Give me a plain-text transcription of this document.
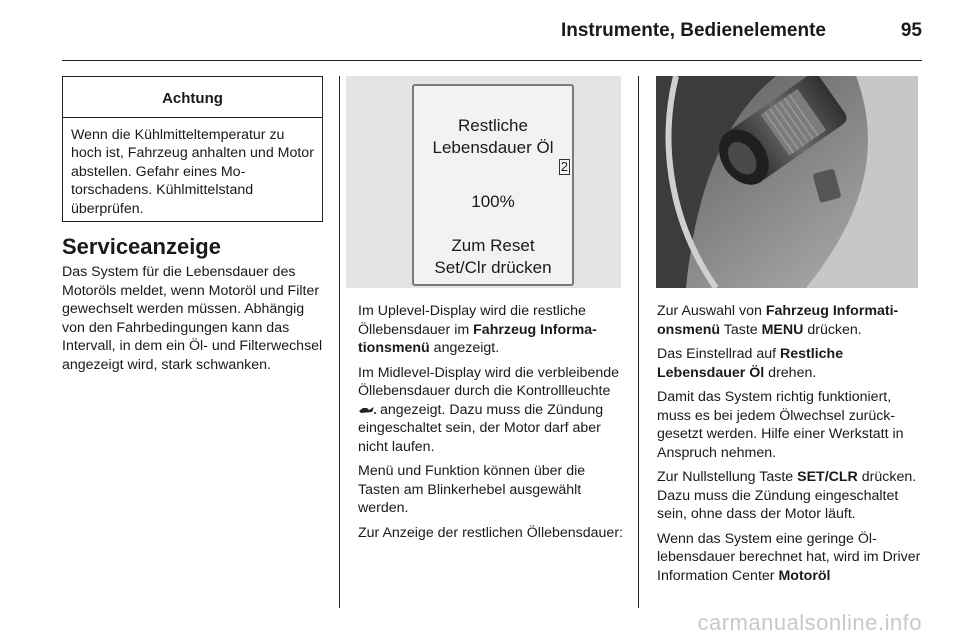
Instrumente, Bedienelemente	95
Achtung
Wenn die Kühlmitteltemperatur zu hoch ist, Fahrzeug anhalten und Motor abstellen. Gefahr eines Motorschadens. Kühlmittelstand überprüfen.
Serviceanzeige

Das System für die Lebensdauer des Motoröls meldet, wenn Motoröl und Filter gewechselt werden müssen. Abhängig von den Fahrbedingungen kann das Intervall, in dem ein Öl- und Filterwechsel angezeigt wird, stark schwanken.

Restliche
Lebensdauer Öl
2
100%
Zum Reset
Set/Clr drücken

Im Uplevel-Display wird die restliche Öllebensdauer im Fahrzeug Informationsmenü angezeigt.

Im Midlevel-Display wird die verbleibende Öllebensdauer durch die Kontrollleuchte  angezeigt. Dazu muss die Zündung eingeschaltet sein, der Motor darf aber nicht laufen.

Menü und Funktion können über die Tasten am Blinkerhebel ausgewählt werden.

Zur Anzeige der restlichen Öllebensdauer:

Zur Auswahl von Fahrzeug Informationsmenü Taste MENU drücken.

Das Einstellrad auf Restliche Lebensdauer Öl drehen.

Damit das System richtig funktioniert, muss es bei jedem Ölwechsel zurückgesetzt werden. Hilfe einer Werkstatt in Anspruch nehmen.

Zur Nullstellung Taste SET/CLR drücken. Dazu muss die Zündung eingeschaltet sein, ohne dass der Motor läuft.

Wenn das System eine geringe Öllebensdauer berechnet hat, wird im Driver Information Center Motoröl

carmanualsonline.info
